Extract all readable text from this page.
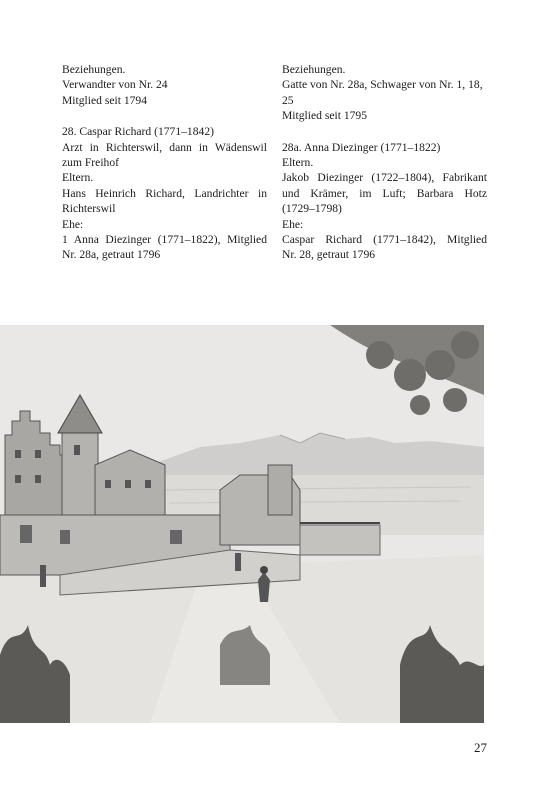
Beziehungen.

Verwandter von Nr. 24

Mitglied seit 1794

28. Caspar Richard (1771–1842)

Arzt in Richterswil, dann in Wädenswil

zum Freihof

Eltern.

Hans Heinrich Richard, Landrichter in

Richterswil

Ehe:

1 Anna Diezinger (1771–1822), Mitglied

Nr. 28a, getraut 1796

Beziehungen.

Gatte von Nr. 28a, Schwager von Nr. 1, 18,

25

Mitglied seit 1795

28a. Anna Diezinger (1771–1822)

Eltern.

Jakob Diezinger (1722–1804), Fabrikant

und Krämer, im Luft; Barbara Hotz

(1729–1798)

Ehe:

Caspar Richard (1771–1842), Mitglied

Nr. 28, getraut 1796

27
